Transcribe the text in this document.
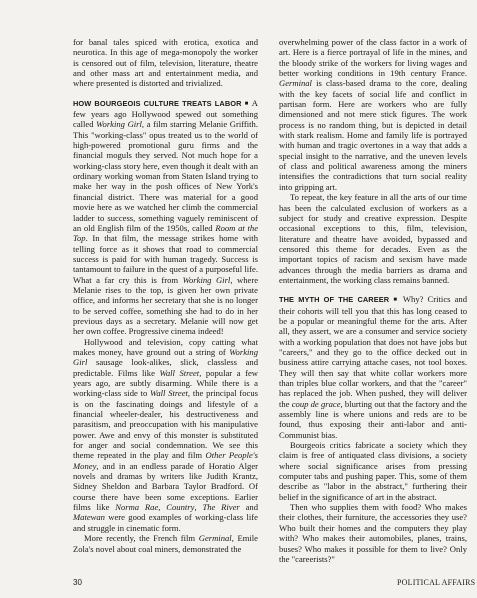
for banal tales spiced with erotica, exotica and neurotica. In this age of mega-monopoly the worker is censored out of film, television, literature, theatre and other mass art and entertainment media, and where presented is distorted and trivialized.

HOW BOURGEOIS CULTURE TREATS LABOR ■ A few years ago Hollywood spewed out something called Working Girl, a film starring Melanie Griffith. This "working-class" opus treated us to the world of high-powered promotional guru firms and the financial moguls they served. Not much hope for a working-class story here, even though it dealt with an ordinary working woman from Staten Island trying to make her way in the posh offices of New York's financial district. There was material for a good movie here as we watched her climb the commercial ladder to success, something vaguely reminiscent of an old English film of the 1950s, called Room at the Top. In that film, the message strikes home with telling force as it shows that road to commercial success is paid for with human tragedy. Success is tantamount to failure in the quest of a purposeful life. What a far cry this is from Working Girl, where Melanie rises to the top, is given her own private office, and informs her secretary that she is no longer to be served coffee, something she had to do in her previous days as a secretary. Melanie will now get her own coffee. Progressive cinema indeed!

Hollywood and television, copy catting what makes money, have ground out a string of Working Girl sausage look-alikes, slick, classless and predictable. Films like Wall Street, popular a few years ago, are subtly disarming. While there is a working-class side to Wall Street, the principal focus is on the fascinating doings and lifestyle of a financial wheeler-dealer, his destructiveness and parasitism, and preoccupation with his manipulative power. Awe and envy of this monster is substituted for anger and social condemnation. We see this theme repeated in the play and film Other People's Money, and in an endless parade of Horatio Alger novels and dramas by writers like Judith Krantz, Sidney Sheldon and Barbara Taylor Bradford. Of course there have been some exceptions. Earlier films like Norma Rae, Country, The River and Matewan were good examples of working-class life and struggle in cinematic form.

More recently, the French film Germinal, Emile Zola's novel about coal miners, demonstrated the

overwhelming power of the class factor in a work of art. Here is a fierce portrayal of life in the mines, and the bloody strike of the workers for living wages and better working conditions in 19th century France. Germinal is class-based drama to the core, dealing with the key facets of social life and conflict in partisan form. Here are workers who are fully dimensioned and not mere stick figures. The work process is no random thing, but is depicted in detail with stark realism. Home and family life is portrayed with human and tragic overtones in a way that adds a special insight to the narrative, and the uneven levels of class and political awareness among the miners intensifies the contradictions that turn social reality into gripping art.

To repeat, the key feature in all the arts of our time has been the calculated exclusion of workers as a subject for study and creative expression. Despite occasional exceptions to this, film, television, literature and theatre have avoided, bypassed and censored this theme for decades. Even as the important topics of racism and sexism have made advances through the media barriers as drama and entertainment, the working class remains banned.

THE MYTH OF THE CAREER ■ Why? Critics and their cohorts will tell you that this has long ceased to be a popular or meaningful theme for the arts. After all, they assert, we are a consumer and service society with a working population that does not have jobs but "careers," and they go to the office decked out in business attire carrying attache cases, not tool boxes. They will then say that white collar workers more than triples blue collar workers, and that the "career" has replaced the job. When pushed, they will deliver the coup de grace, blurting out that the factory and the assembly line is where unions and reds are to be found, thus exposing their anti-labor and anti-Communist bias.

Bourgeois critics fabricate a society which they claim is free of antiquated class divisions, a society where social significance arises from pressing computer tabs and pushing paper. This, some of them describe as "labor in the abstract," furthering their belief in the significance of art in the abstract.

Then who supplies them with food? Who makes their clothes, their furniture, the accessories they use? Who built their homes and the computers they play with? Who makes their automobiles, planes, trains, buses? Who makes it possible for them to live? Only the "careerists?"

30	POLITICAL AFFAIRS
